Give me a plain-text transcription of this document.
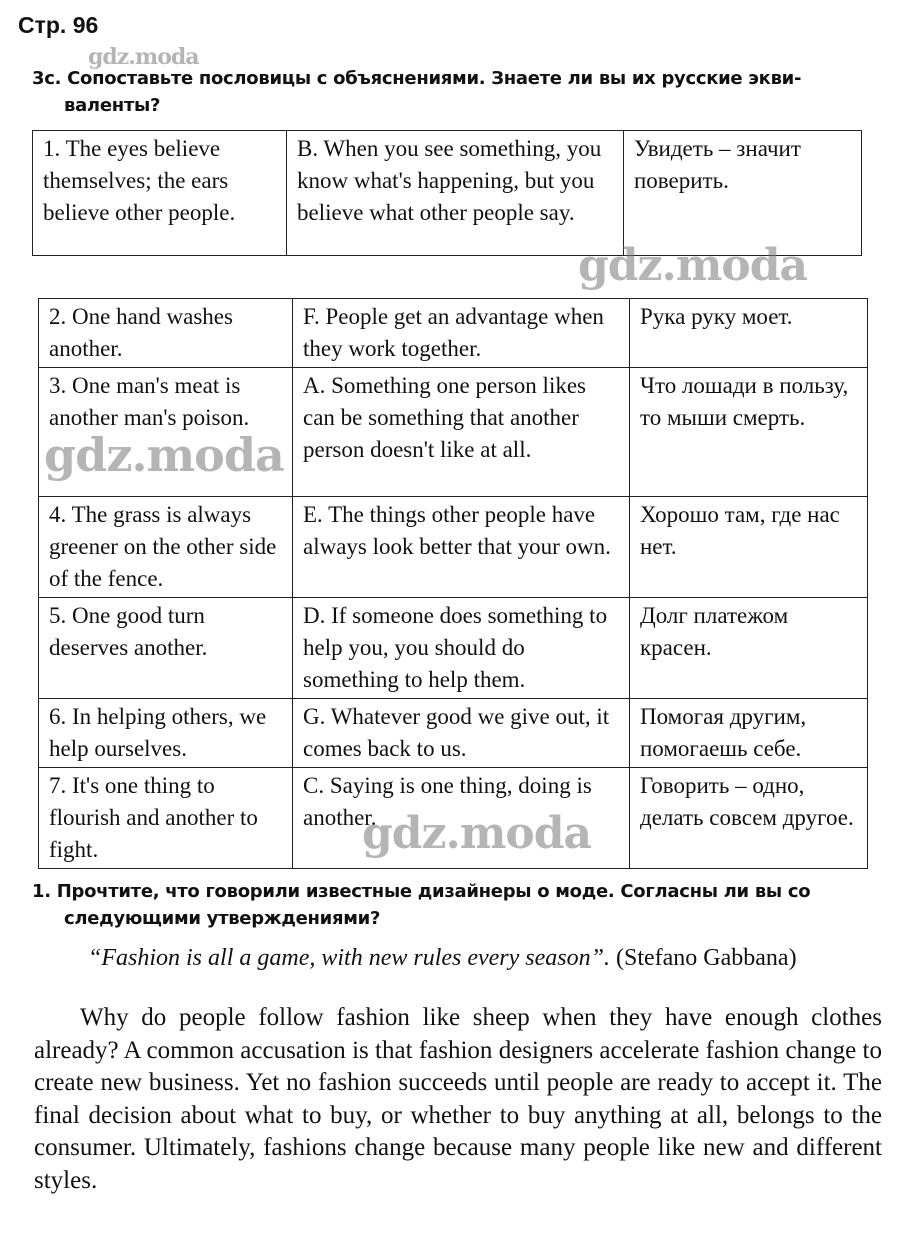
Стр. 96
gdz.moda
3c. Сопоставьте пословицы с объяснениями. Знаете ли вы их русские экви-
валенты?
1. The eyes believe themselves; the ears believe other people.	B. When you see something, you know what's happening, but you believe what other people say.	Увидеть – значит поверить.
gdz.moda
2. One hand washes another.	F. People get an advantage when they work together.	Рука руку моет.
3. One man's meat is another man's poison.	A. Something one person likes can be something that another person doesn't like at all.	Что лошади в пользу, то мыши смерть.
4. The grass is always greener on the other side of the fence.	E. The things other people have always look better that your own.	Хорошо там, где нас нет.
5. One good turn deserves another.	D. If someone does something to help you, you should do something to help them.	Долг платежом красен.
6. In helping others, we help ourselves.	G. Whatever good we give out, it comes back to us.	Помогая другим, помогаешь себе.
7. It's one thing to flourish and another to fight.	C. Saying is one thing, doing is another.	Говорить – одно, делать совсем другое.
gdz.moda
gdz.moda
1. Прочтите, что говорили известные дизайнеры о моде. Согласны ли вы со
следующими утверждениями?
“Fashion is all a game, with new rules every season”. (Stefano Gabbana)
Why do people follow fashion like sheep when they have enough clothes already? A common accusation is that fashion designers accelerate fashion change to create new business. Yet no fashion succeeds until people are ready to accept it. The final decision about what to buy, or whether to buy anything at all, belongs to the consumer. Ultimately, fashions change because many people like new and different styles.
